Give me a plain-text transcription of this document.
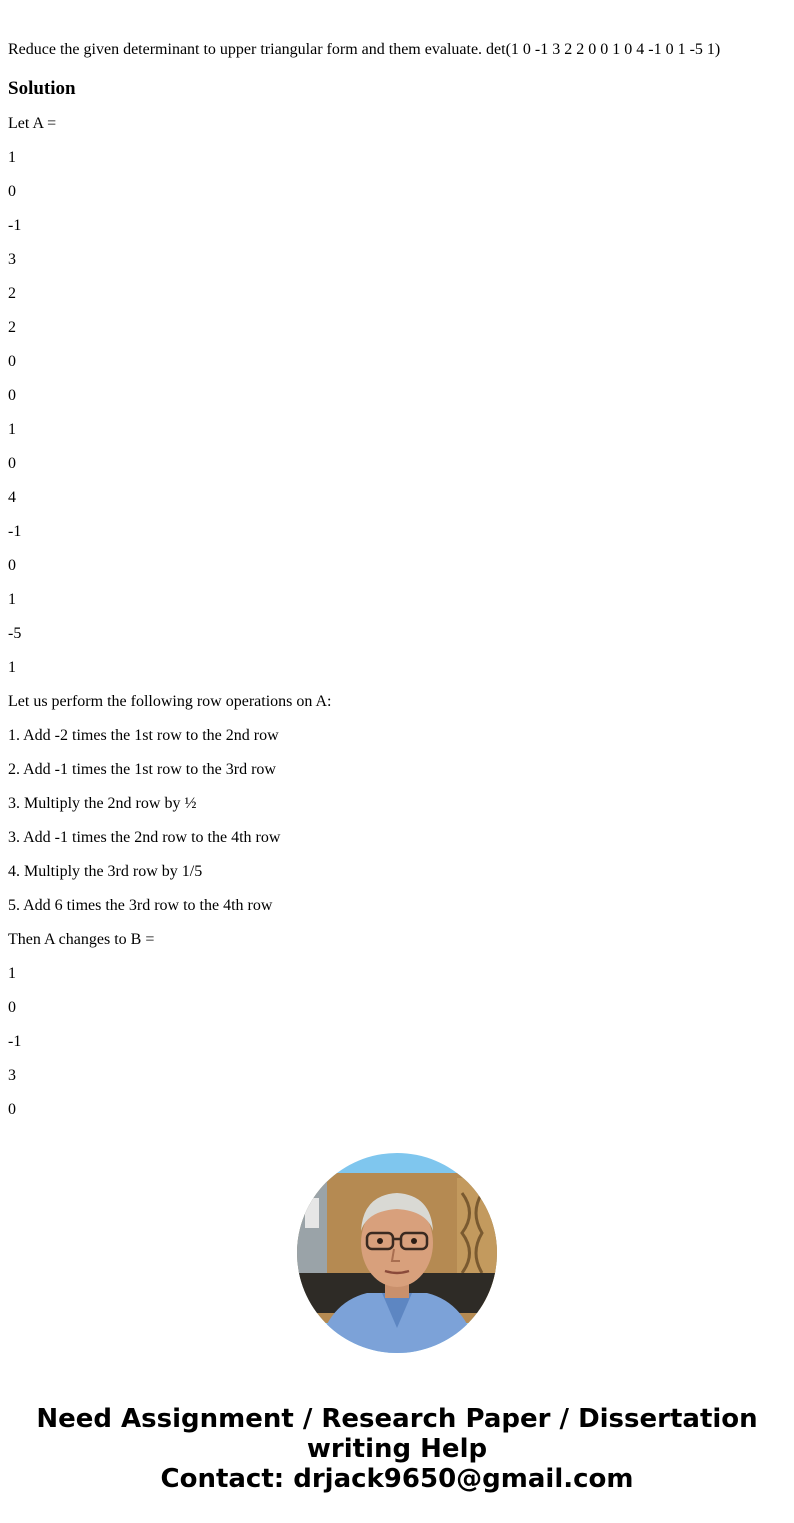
Reduce the given determinant to upper triangular form and them evaluate. det(1 0 -1 3 2 2 0 0 1 0 4 -1 0 1 -5 1)

Solution
Let A =
1
0
-1
3
2
2
0
0
1
0
4
-1
0
1
-5
1
Let us perform the following row operations on A:
1. Add -2 times the 1st row to the 2nd row
2. Add -1 times the 1st row to the 3rd row
3. Multiply the 2nd row by ½
3. Add -1 times the 2nd row to the 4th row
4. Multiply the 3rd row by 1/5
5. Add 6 times the 3rd row to the 4th row
Then A changes to B =
1
0
-1
3
0
Need Assignment / Research Paper / Dissertation
writing Help
Contact: drjack9650@gmail.com
